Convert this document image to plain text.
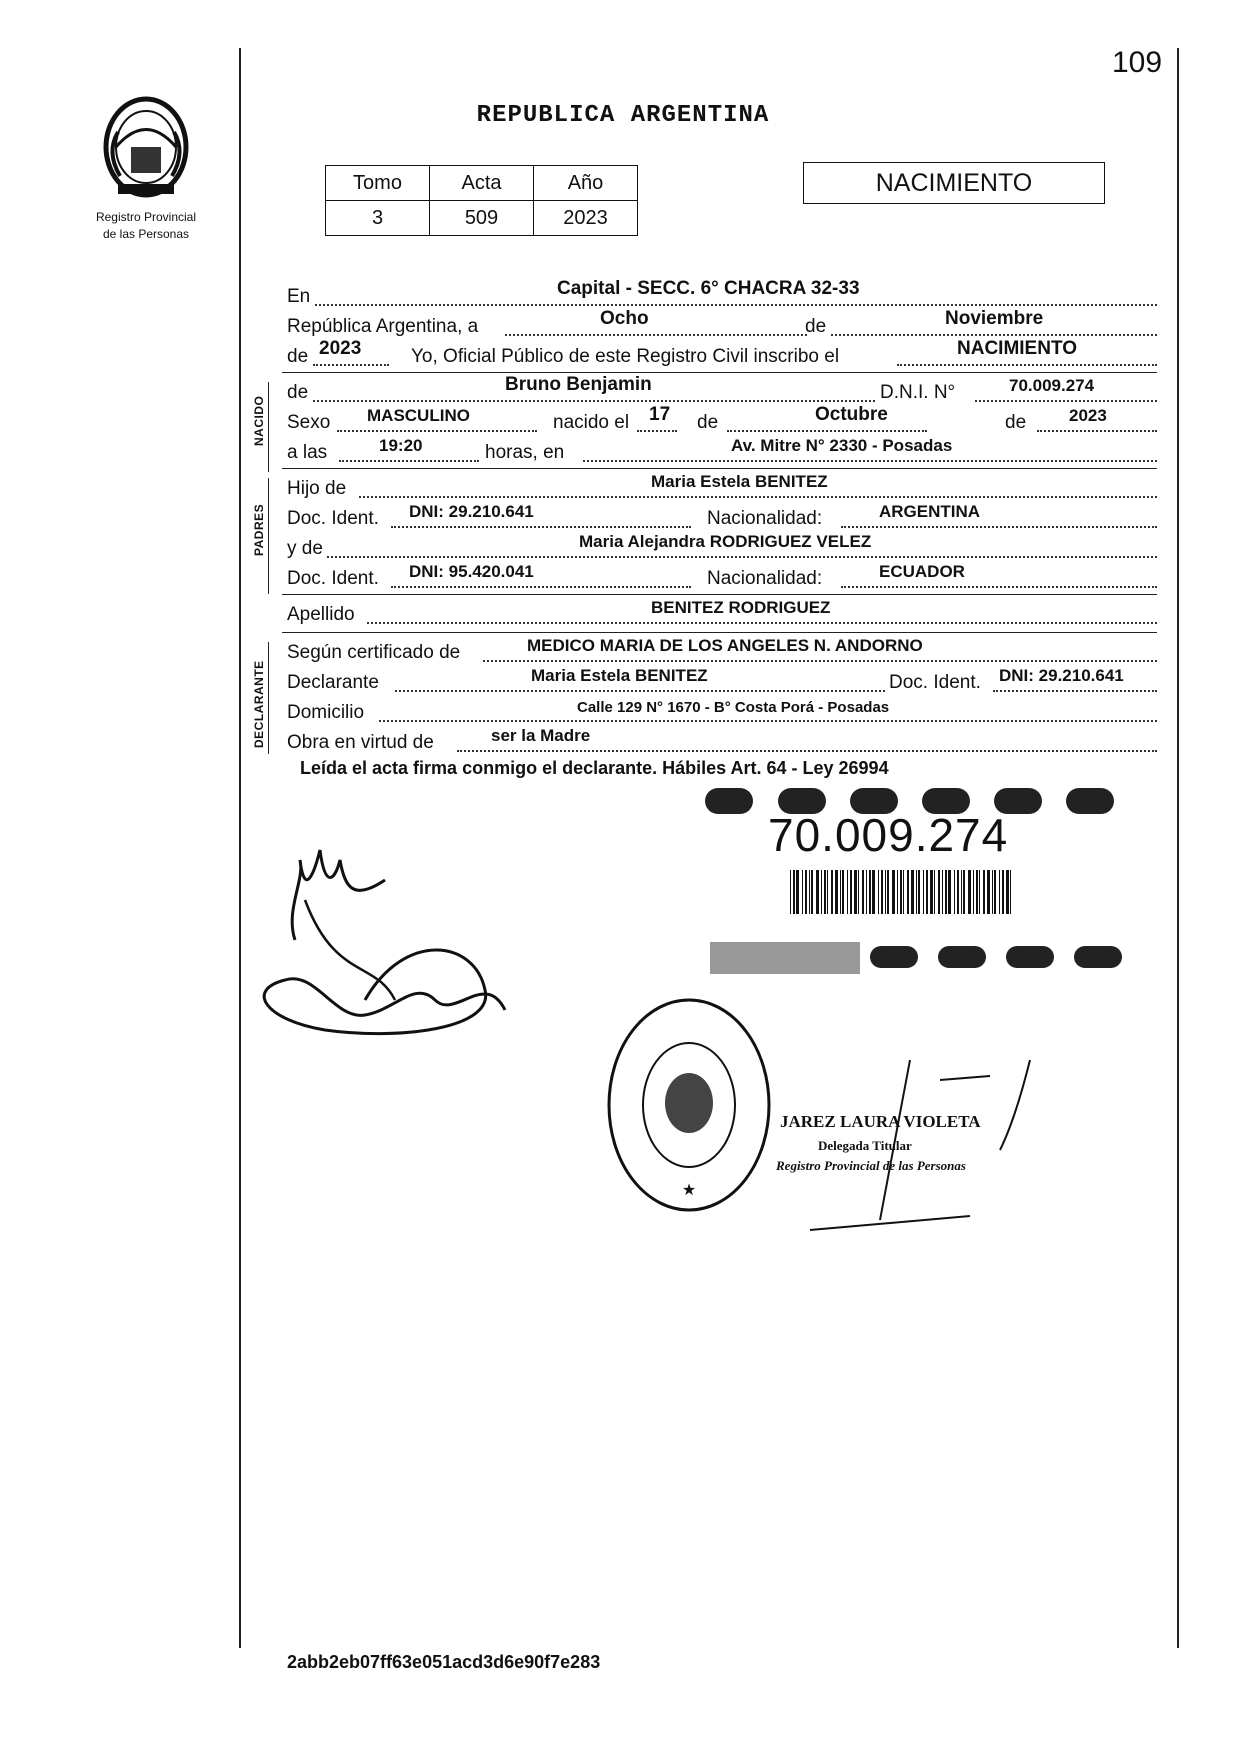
109
Registro Provincial
de las Personas
REPUBLICA ARGENTINA
Tomo	Acta	Año
3	509	2023
NACIMIENTO
En	Capital - SECC. 6° CHACRA 32-33
República Argentina, a	Ocho	de	Noviembre
de 2023	Yo, Oficial Público de este Registro Civil inscribo el	NACIMIENTO
NACIDO
de	Bruno Benjamin	D.N.I. N°	70.009.274
Sexo MASCULINO	nacido el 17 de	Octubre	de	2023
a las	19:20	horas, en	Av. Mitre N° 2330 - Posadas
PADRES
Hijo de	Maria Estela BENITEZ
Doc. Ident. DNI: 29.210.641	Nacionalidad:	ARGENTINA
y de	Maria Alejandra RODRIGUEZ VELEZ
Doc. Ident. DNI: 95.420.041	Nacionalidad:	ECUADOR
Apellido	BENITEZ RODRIGUEZ
DECLARANTE
Según certificado de	MEDICO MARIA DE LOS ANGELES N. ANDORNO
Declarante	Maria Estela BENITEZ	Doc. Ident. DNI: 29.210.641
Domicilio	Calle 129 N° 1670 - B° Costa Porá - Posadas
Obra en virtud de	ser la Madre
Leída el acta firma conmigo el declarante. Hábiles Art. 64 - Ley 26994
70.009.274
★
JAREZ LAURA VIOLETA
Delegada Titular
Registro Provincial de las Personas
2abb2eb07ff63e051acd3d6e90f7e283
